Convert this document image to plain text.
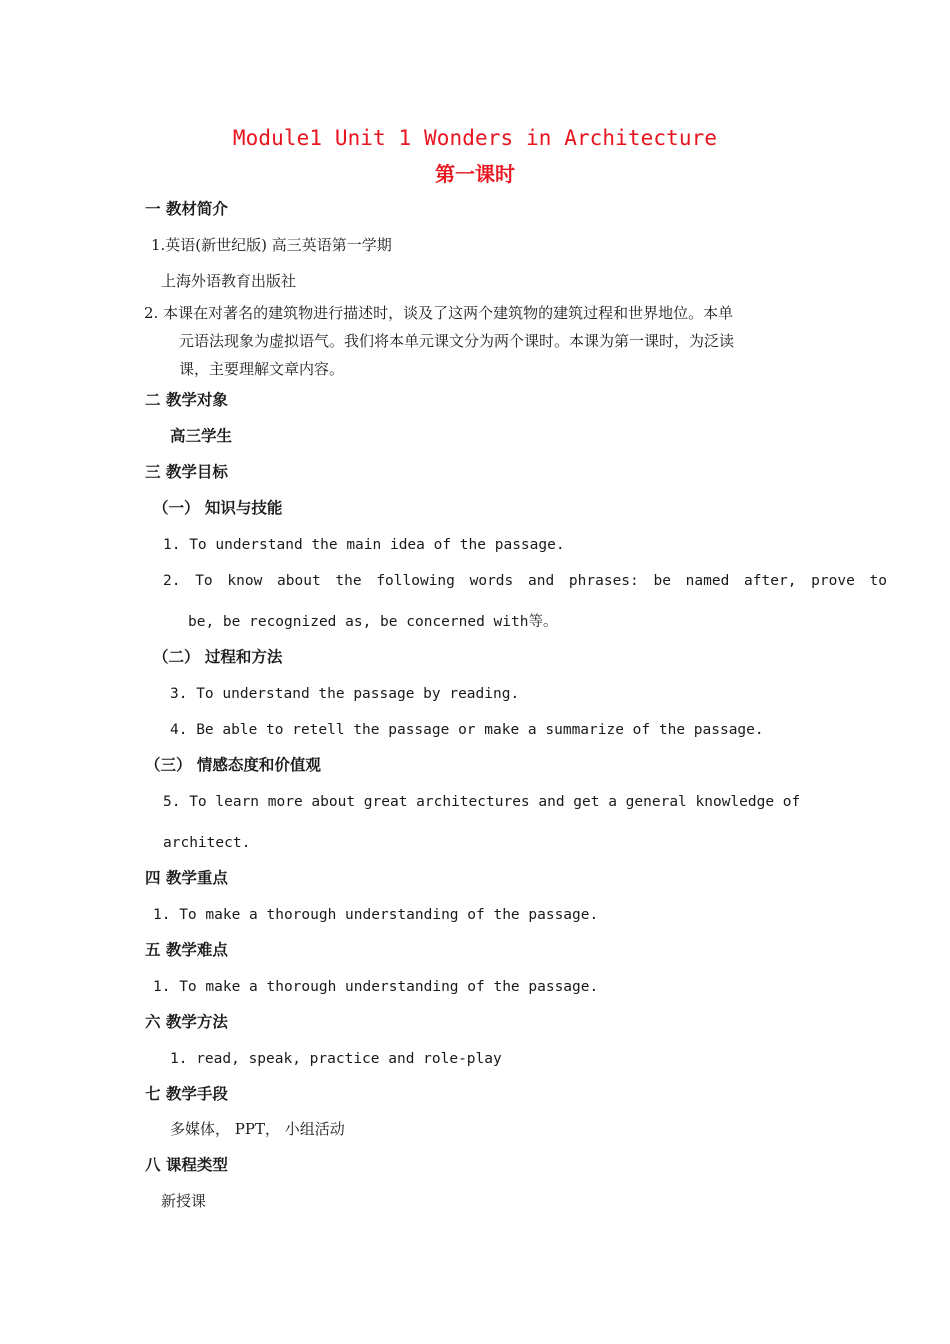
Module1 Unit 1 Wonders in Architecture
第一课时
一 教材简介
1.英语(新世纪版) 高三英语第一学期
上海外语教育出版社
2. 本课在对著名的建筑物进行描述时，谈及了这两个建筑物的建筑过程和世界地位。本单
元语法现象为虚拟语气。我们将本单元课文分为两个课时。本课为第一课时，为泛读
课，主要理解文章内容。
二 教学对象
高三学生
三 教学目标
（一） 知识与技能
1. To understand the main idea of the passage.
2. To know about the following words and phrases: be named after, prove to
be, be recognized as, be concerned with等。
（二） 过程和方法
3. To understand the passage by reading.
4. Be able to retell the passage or make a summarize of the passage.
（三） 情感态度和价值观
5. To learn more about great architectures and get a general knowledge of
architect.
四 教学重点
1. To make a thorough understanding of the passage.
五 教学难点
1. To make a thorough understanding of the passage.
六 教学方法
1. read, speak, practice and role-play
七 教学手段
多媒体， PPT， 小组活动
八 课程类型
新授课
